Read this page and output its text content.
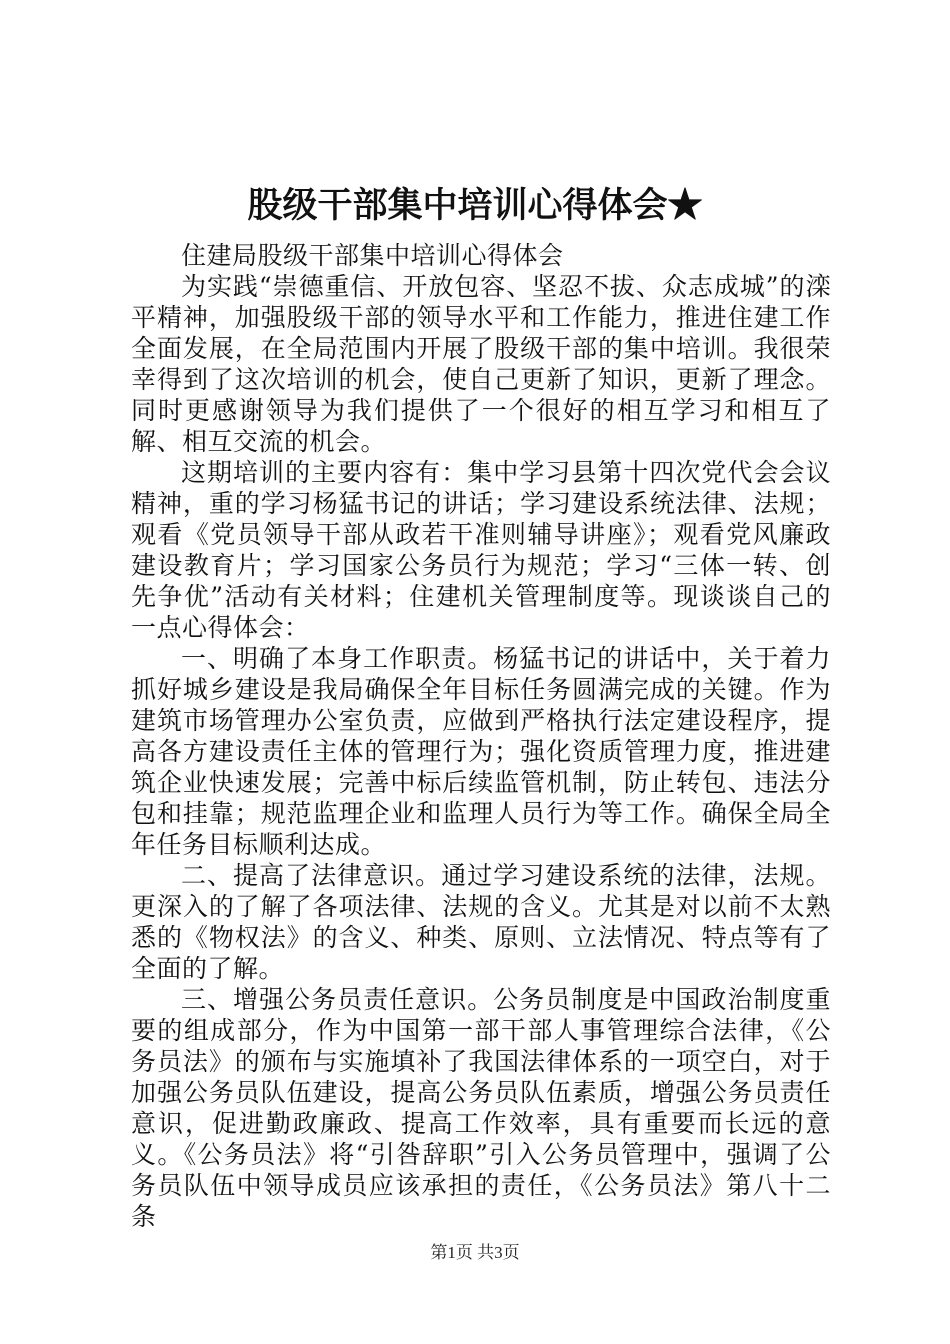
股级干部集中培训心得体会★

住建局股级干部集中培训心得体会

为实践“崇德重信、开放包容、坚忍不拔、众志成城”的滦平精神，加强股级干部的领导水平和工作能力，推进住建工作全面发展，在全局范围内开展了股级干部的集中培训。我很荣幸得到了这次培训的机会，使自己更新了知识，更新了理念。同时更感谢领导为我们提供了一个很好的相互学习和相互了解、相互交流的机会。

这期培训的主要内容有：集中学习县第十四次党代会会议精神，重的学习杨猛书记的讲话；学习建设系统法律、法规；观看《党员领导干部从政若干准则辅导讲座》；观看党风廉政建设教育片；学习国家公务员行为规范；学习“三体一转、创先争优”活动有关材料；住建机关管理制度等。现谈谈自己的一点心得体会：

一、明确了本身工作职责。杨猛书记的讲话中，关于着力抓好城乡建设是我局确保全年目标任务圆满完成的关键。作为建筑市场管理办公室负责，应做到严格执行法定建设程序，提高各方建设责任主体的管理行为；强化资质管理力度，推进建筑企业快速发展；完善中标后续监管机制，防止转包、违法分包和挂靠；规范监理企业和监理人员行为等工作。确保全局全年任务目标顺利达成。

二、提高了法律意识。通过学习建设系统的法律，法规。更深入的了解了各项法律、法规的含义。尤其是对以前不太熟悉的《物权法》的含义、种类、原则、立法情况、特点等有了全面的了解。

三、增强公务员责任意识。公务员制度是中国政治制度重要的组成部分，作为中国第一部干部人事管理综合法律，《公务员法》的颁布与实施填补了我国法律体系的一项空白，对于加强公务员队伍建设，提高公务员队伍素质，增强公务员责任意识，促进勤政廉政、提高工作效率，具有重要而长远的意义。《公务员法》将“引咎辞职”引入公务员管理中，强调了公务员队伍中领导成员应该承担的责任，《公务员法》第八十二条

第1页 共3页
